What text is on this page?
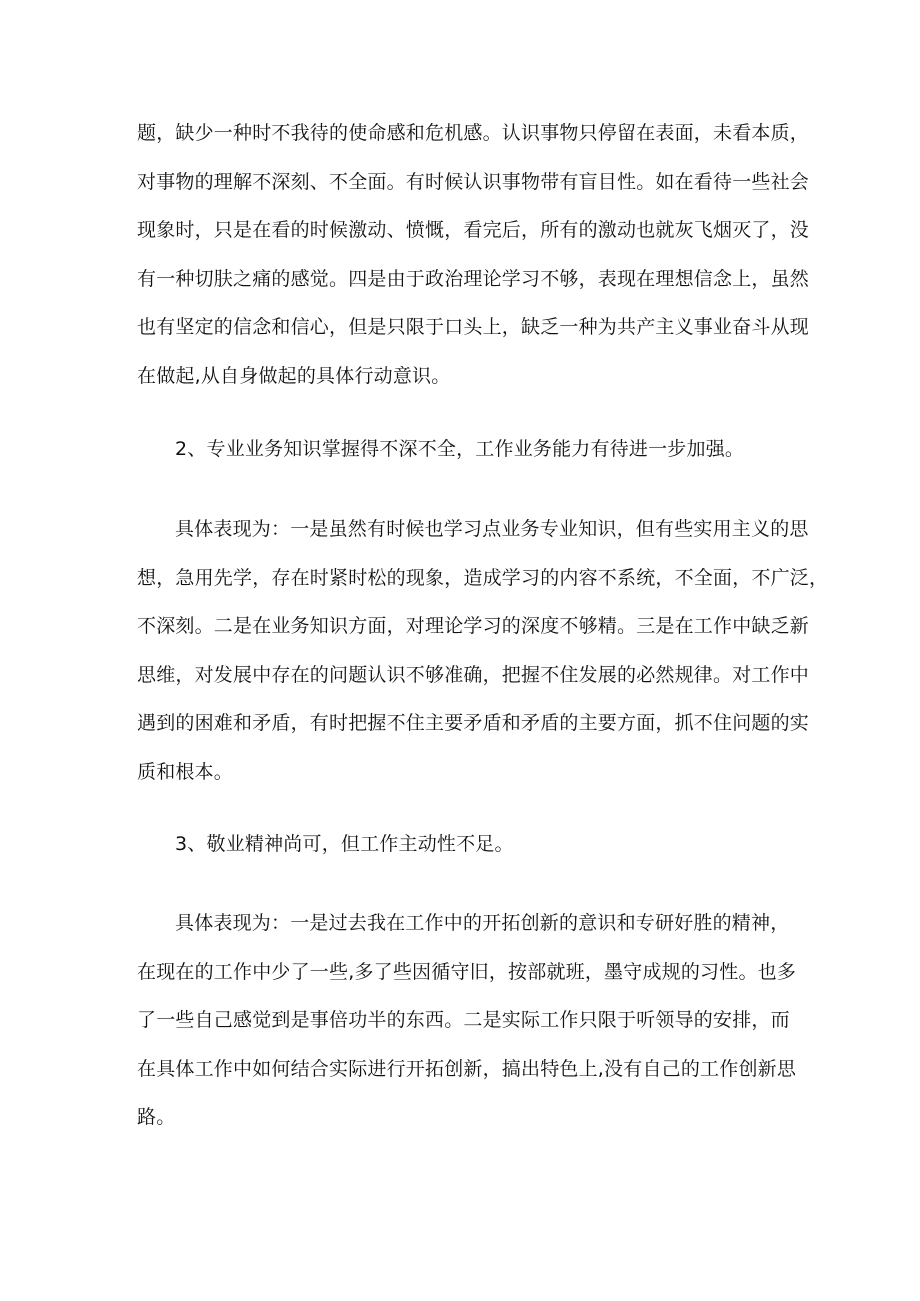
题，缺少一种时不我待的使命感和危机感。认识事物只停留在表面，未看本质，
对事物的理解不深刻、不全面。有时候认识事物带有盲目性。如在看待一些社会
现象时，只是在看的时候激动、愤慨，看完后，所有的激动也就灰飞烟灭了，没
有一种切肤之痛的感觉。四是由于政治理论学习不够，表现在理想信念上，虽然
也有坚定的信念和信心，但是只限于口头上，缺乏一种为共产主义事业奋斗从现
在做起,从自身做起的具体行动意识。

2、专业业务知识掌握得不深不全，工作业务能力有待进一步加强。

具体表现为：一是虽然有时候也学习点业务专业知识，但有些实用主义的思
想，急用先学，存在时紧时松的现象，造成学习的内容不系统，不全面，不广泛，
不深刻。二是在业务知识方面，对理论学习的深度不够精。三是在工作中缺乏新
思维，对发展中存在的问题认识不够准确，把握不住发展的必然规律。对工作中
遇到的困难和矛盾，有时把握不住主要矛盾和矛盾的主要方面，抓不住问题的实
质和根本。

3、敬业精神尚可，但工作主动性不足。

具体表现为：一是过去我在工作中的开拓创新的意识和专研好胜的精神，
在现在的工作中少了一些,多了些因循守旧，按部就班，墨守成规的习性。也多
了一些自己感觉到是事倍功半的东西。二是实际工作只限于听领导的安排，而
在具体工作中如何结合实际进行开拓创新，搞出特色上,没有自己的工作创新思
路。
